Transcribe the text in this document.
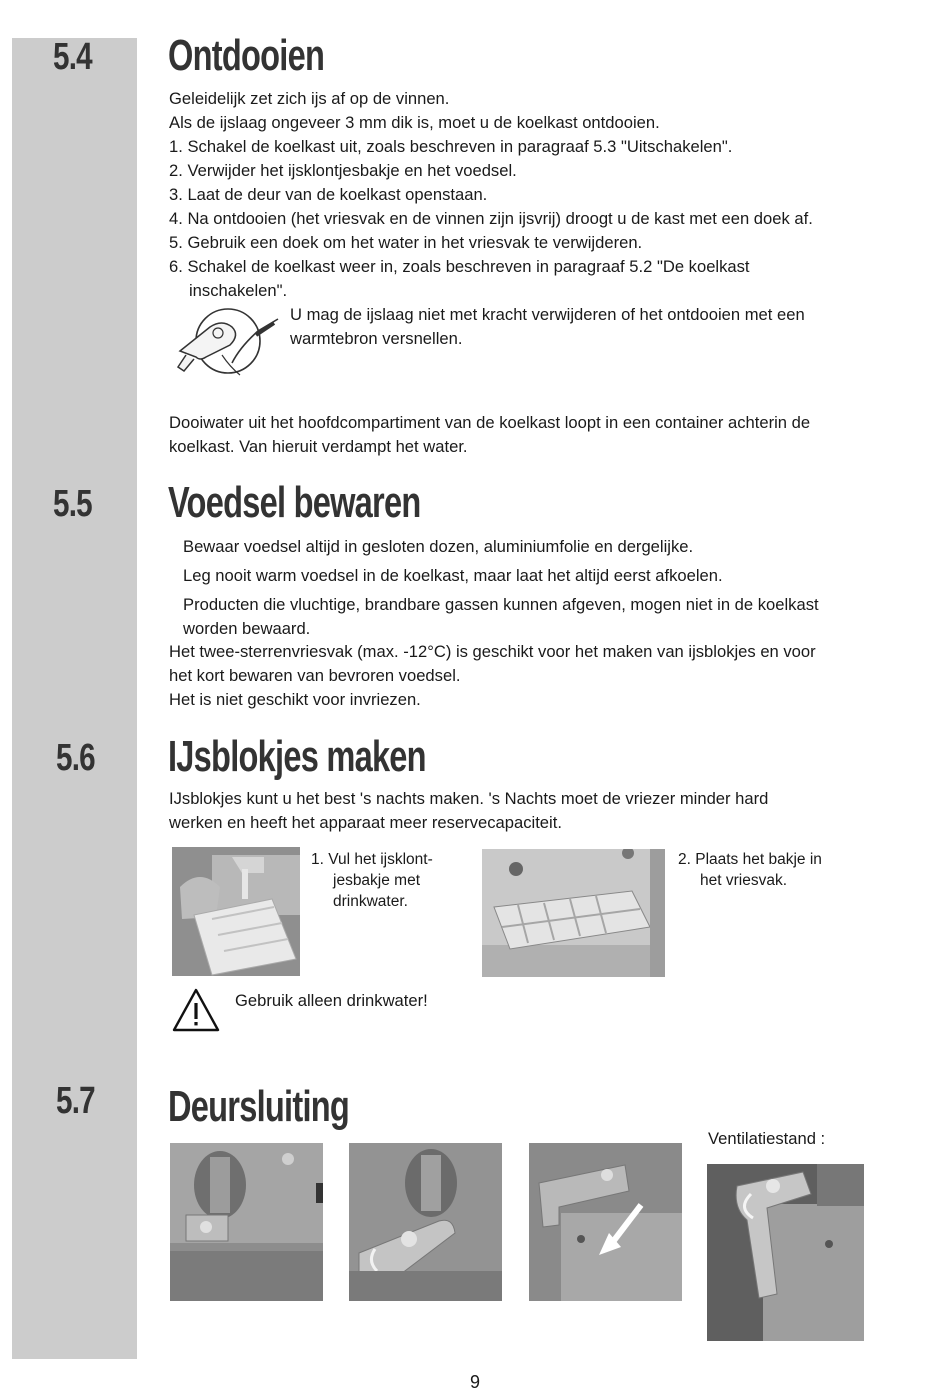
5.4	Ontdooien

Geleidelijk zet zich ijs af op de vinnen.

Als de ijslaag ongeveer 3 mm dik is, moet u de koelkast ontdooien.

1. Schakel de koelkast uit, zoals beschreven in paragraaf 5.3 "Uitschakelen".

2. Verwijder het ijsklontjesbakje en het voedsel.

3. Laat de deur van de koelkast openstaan.

4. Na ontdooien (het vriesvak en de vinnen zijn ijsvrij) droogt u de kast met een doek af.

5. Gebruik een doek om het water in het vriesvak te verwijderen.

6. Schakel de koelkast weer in, zoals beschreven in paragraaf 5.2 "De koelkast

inschakelen".

U mag de ijslaag niet met kracht verwijderen of het ontdooien met een

warmtebron versnellen.

Dooiwater uit het hoofdcompartiment van de koelkast loopt in een container achterin de

koelkast. Van hieruit verdampt het water.

5.5	Voedsel bewaren

Bewaar voedsel altijd in gesloten dozen, aluminiumfolie en dergelijke.

Leg nooit warm voedsel in de koelkast, maar laat het altijd eerst afkoelen.

Producten die vluchtige, brandbare gassen kunnen afgeven, mogen niet in de koelkast

worden bewaard.

Het twee-sterrenvriesvak (max. -12°C) is geschikt voor het maken van ijsblokjes en voor

het kort bewaren van bevroren voedsel.

Het is niet geschikt voor invriezen.

5.6	IJsblokjes maken

IJsblokjes kunt u het best 's nachts maken. 's Nachts moet de vriezer minder hard

werken en heeft het apparaat meer reservecapaciteit.

1. Vul het ijsklont-

jesbakje met

drinkwater.

2. Plaats het bakje in

het vriesvak.

Gebruik alleen drinkwater!

5.7	Deursluiting

Ventilatiestand :

9
